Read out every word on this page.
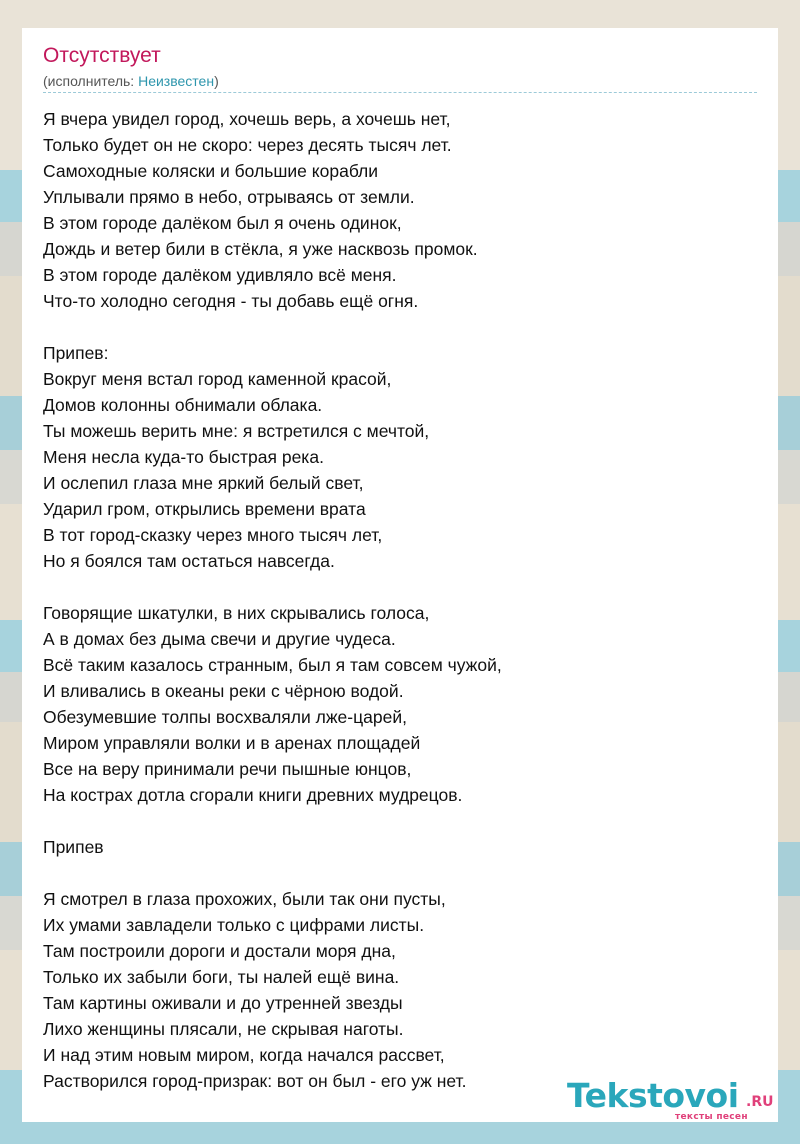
Отсутствует
(исполнитель: Неизвестен)
Я вчера увидел город, хочешь верь, а хочешь нет,
Только будет он не скоро: через десять тысяч лет.
Самоходные коляски и большие корабли
Уплывали прямо в небо, отрываясь от земли.
В этом городе далёком был я очень одинок,
Дождь и ветер били в стёкла, я уже насквозь промок.
В этом городе далёком удивляло всё меня.
Что-то холодно сегодня - ты добавь ещё огня.
Припев:
Вокруг меня встал город каменной красой,
Домов колонны обнимали облака.
Ты можешь верить мне: я встретился с мечтой,
Меня несла куда-то быстрая река.
И ослепил глаза мне яркий белый свет,
Ударил гром, открылись времени врата
В тот город-сказку через много тысяч лет,
Но я боялся там остаться навсегда.
Говорящие шкатулки, в них скрывались голоса,
А в домах без дыма свечи и другие чудеса.
Всё таким казалось странным, был я там совсем чужой,
И вливались в океаны реки с чёрною водой.
Обезумевшие толпы восхваляли лже-царей,
Миром управляли волки и в аренах площадей
Все на веру принимали речи пышные юнцов,
На кострах дотла сгорали книги древних мудрецов.
Припев
Я смотрел в глаза прохожих, были так они пусты,
Их умами завладели только с цифрами листы.
Там построили дороги и достали моря дна,
Только их забыли боги, ты налей ещё вина.
Там картины оживали и до утренней звезды
Лихо женщины плясали, не скрывая наготы.
И над этим новым миром, когда начался рассвет,
Растворился город-призрак: вот он был - его уж нет.	Tekstovoi .RU
тексты песен
